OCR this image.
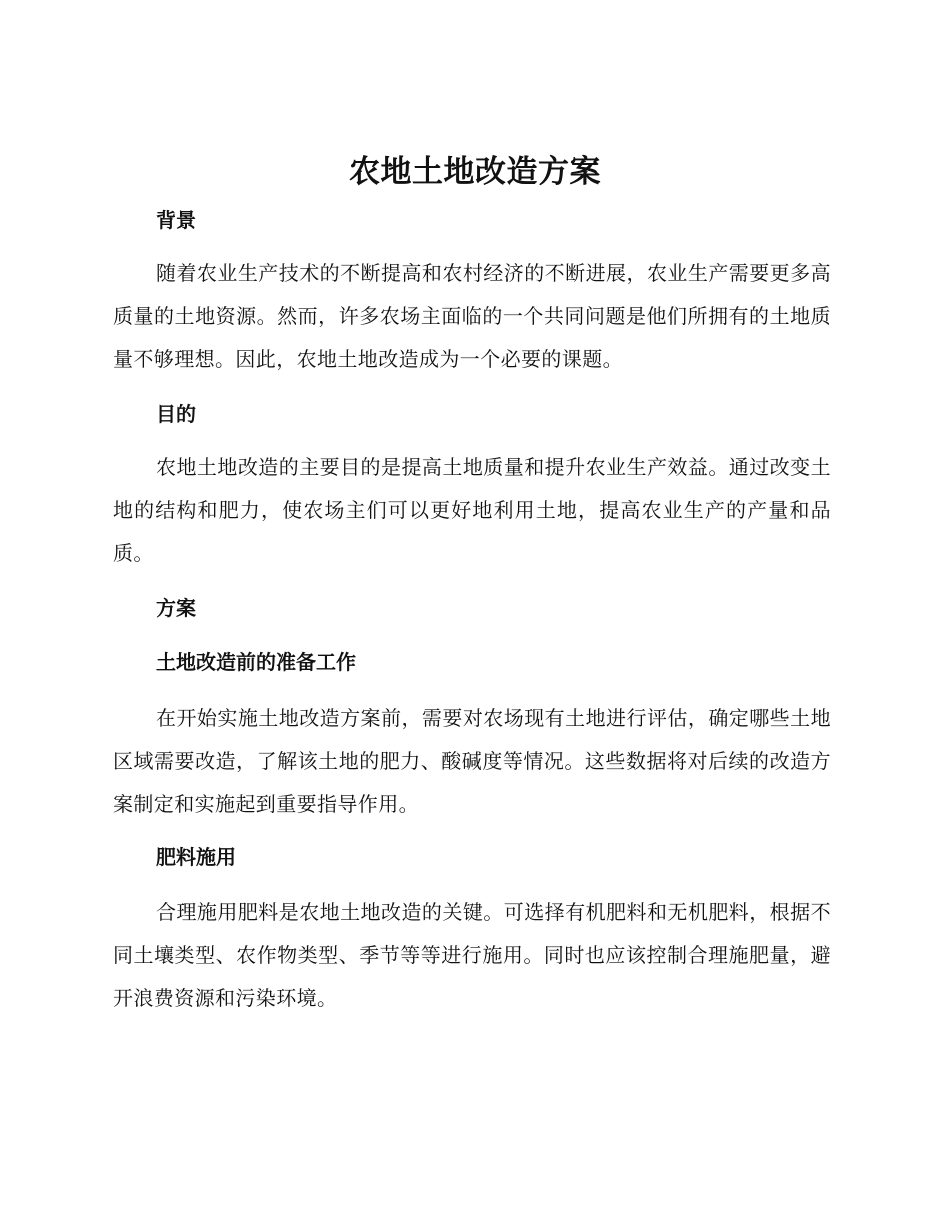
农地土地改造方案
背景

随着农业生产技术的不断提高和农村经济的不断进展，农业生产需要更多高质量的土地资源。然而，许多农场主面临的一个共同问题是他们所拥有的土地质量不够理想。因此，农地土地改造成为一个必要的课题。

目的

农地土地改造的主要目的是提高土地质量和提升农业生产效益。通过改变土地的结构和肥力，使农场主们可以更好地利用土地，提高农业生产的产量和品质。

方案
土地改造前的准备工作

在开始实施土地改造方案前，需要对农场现有土地进行评估，确定哪些土地区域需要改造，了解该土地的肥力、酸碱度等情况。这些数据将对后续的改造方案制定和实施起到重要指导作用。

肥料施用

合理施用肥料是农地土地改造的关键。可选择有机肥料和无机肥料，根据不同土壤类型、农作物类型、季节等等进行施用。同时也应该控制合理施肥量，避开浪费资源和污染环境。
